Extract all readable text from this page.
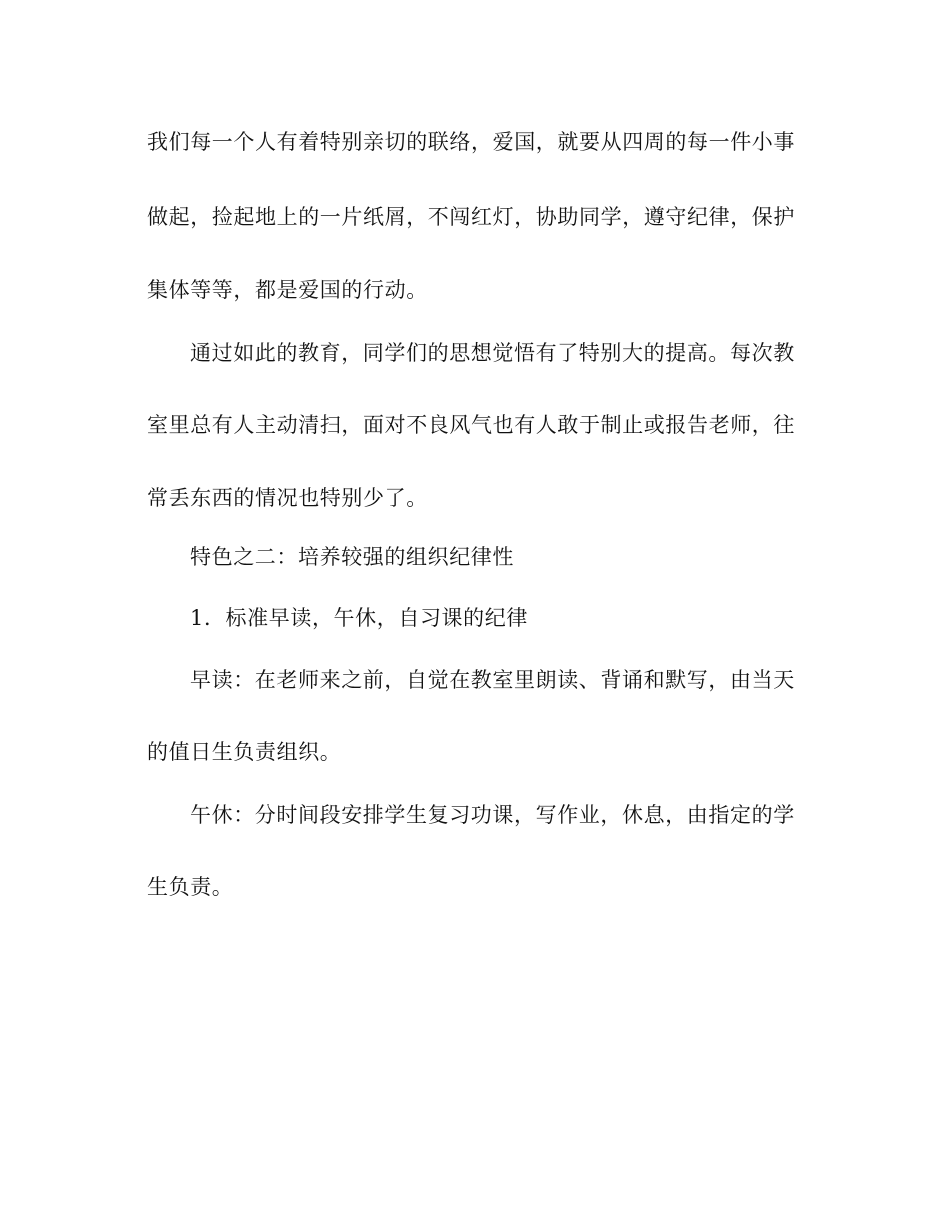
我们每一个人有着特别亲切的联络，爱国，就要从四周的每一件小事
做起，捡起地上的一片纸屑，不闯红灯，协助同学，遵守纪律，保护
集体等等，都是爱国的行动。
通过如此的教育，同学们的思想觉悟有了特别大的提高。每次教
室里总有人主动清扫，面对不良风气也有人敢于制止或报告老师，往
常丢东西的情况也特别少了。
特色之二：培养较强的组织纪律性
1．标准早读，午休，自习课的纪律
早读：在老师来之前，自觉在教室里朗读、背诵和默写，由当天
的值日生负责组织。
午休：分时间段安排学生复习功课，写作业，休息，由指定的学
生负责。
